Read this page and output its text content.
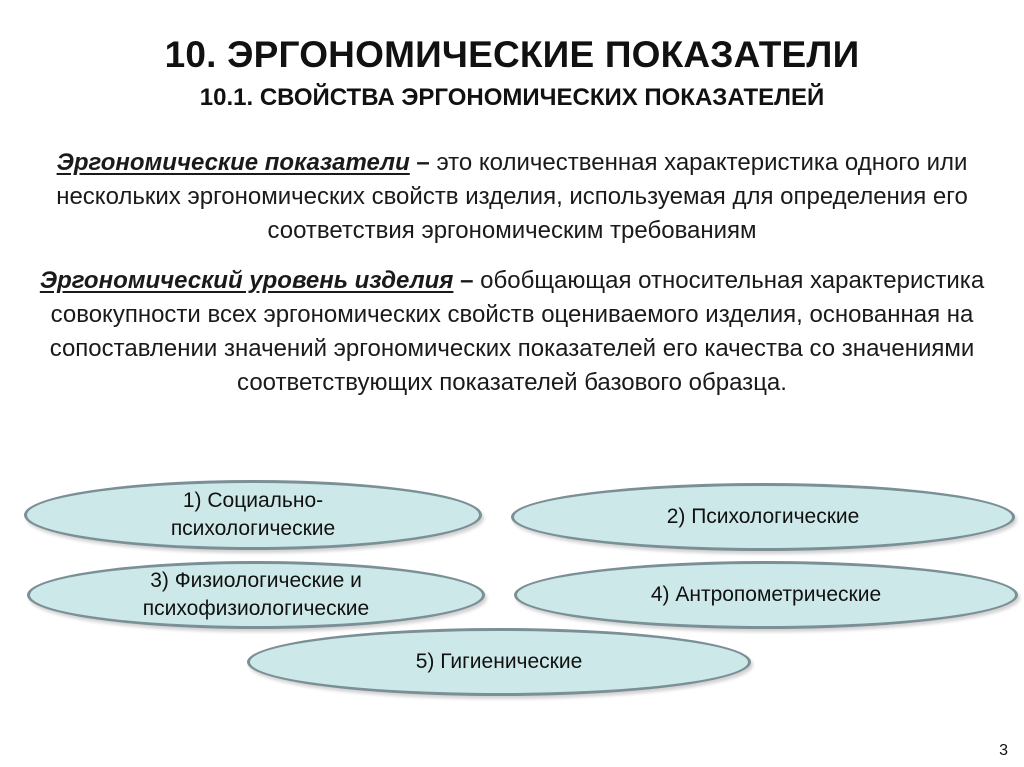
10. ЭРГОНОМИЧЕСКИЕ ПОКАЗАТЕЛИ
10.1. СВОЙСТВА ЭРГОНОМИЧЕСКИХ ПОКАЗАТЕЛЕЙ
Эргономические показатели – это количественная характеристика одного или нескольких эргономических свойств изделия, используемая для определения его соответствия эргономическим требованиям
Эргономический уровень изделия – обобщающая относительная характеристика совокупности всех эргономических свойств оцениваемого изделия, основанная на сопоставлении значений эргономических показателей его качества со значениями соответствующих показателей базового образца.
1) Социально-психологические
2) Психологические
3) Физиологические и психофизиологические
4) Антропометрические
5) Гигиенические
3
